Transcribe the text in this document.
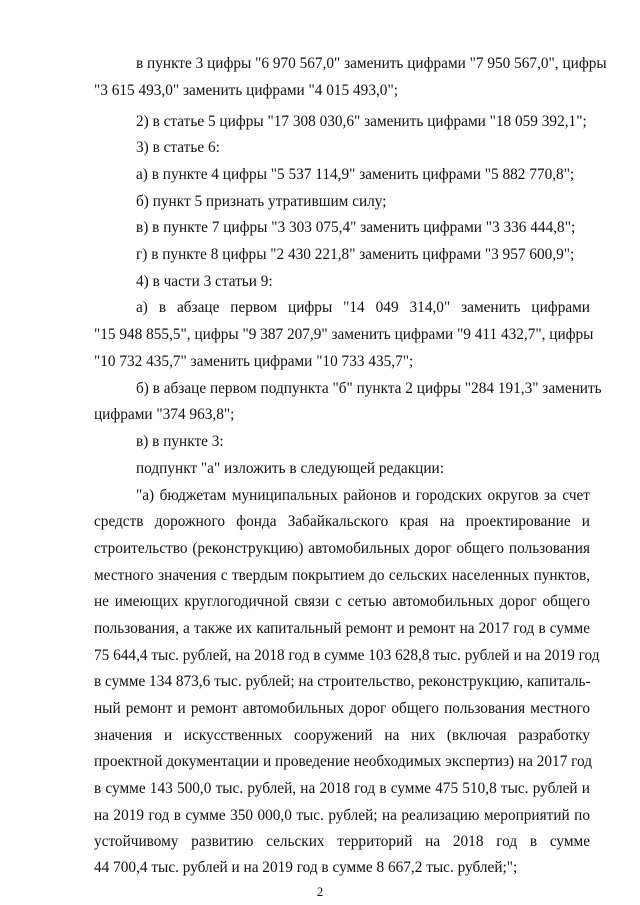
в пункте 3 цифры "6 970 567,0" заменить цифрами "7 950 567,0", цифры
"3 615 493,0" заменить цифрами "4 015 493,0";
2) в статье 5 цифры "17 308 030,6" заменить цифрами "18 059 392,1";
3) в статье 6:
а) в пункте 4 цифры "5 537 114,9" заменить цифрами "5 882 770,8";
б) пункт 5 признать утратившим силу;
в) в пункте 7 цифры "3 303 075,4" заменить цифрами "3 336 444,8";
г) в пункте 8 цифры "2 430 221,8" заменить цифрами "3 957 600,9";
4) в части 3 статьи 9:
а) в абзаце первом цифры "14 049 314,0" заменить цифрами
"15 948 855,5", цифры "9 387 207,9" заменить цифрами "9 411 432,7", цифры
"10 732 435,7" заменить цифрами "10 733 435,7";
б) в абзаце первом подпункта "б" пункта 2 цифры "284 191,3" заменить
цифрами "374 963,8";
в) в пункте 3:
подпункт "а" изложить в следующей редакции:
"а) бюджетам муниципальных районов и городских округов за счет
средств дорожного фонда Забайкальского края на проектирование и
строительство (реконструкцию) автомобильных дорог общего пользования
местного значения с твердым покрытием до сельских населенных пунктов,
не имеющих круглогодичной связи с сетью автомобильных дорог общего
пользования, а также их капитальный ремонт и ремонт на 2017 год в сумме
75 644,4 тыс. рублей, на 2018 год в сумме 103 628,8 тыс. рублей и на 2019 год
в сумме 134 873,6 тыс. рублей; на строительство, реконструкцию, капиталь-
ный ремонт и ремонт автомобильных дорог общего пользования местного
значения и искусственных сооружений на них (включая разработку
проектной документации и проведение необходимых экспертиз) на 2017 год
в сумме 143 500,0 тыс. рублей, на 2018 год в сумме 475 510,8 тыс. рублей и
на 2019 год в сумме 350 000,0 тыс. рублей; на реализацию мероприятий по
устойчивому развитию сельских территорий на 2018 год в сумме
44 700,4 тыс. рублей и на 2019 год в сумме 8 667,2 тыс. рублей;";
2
